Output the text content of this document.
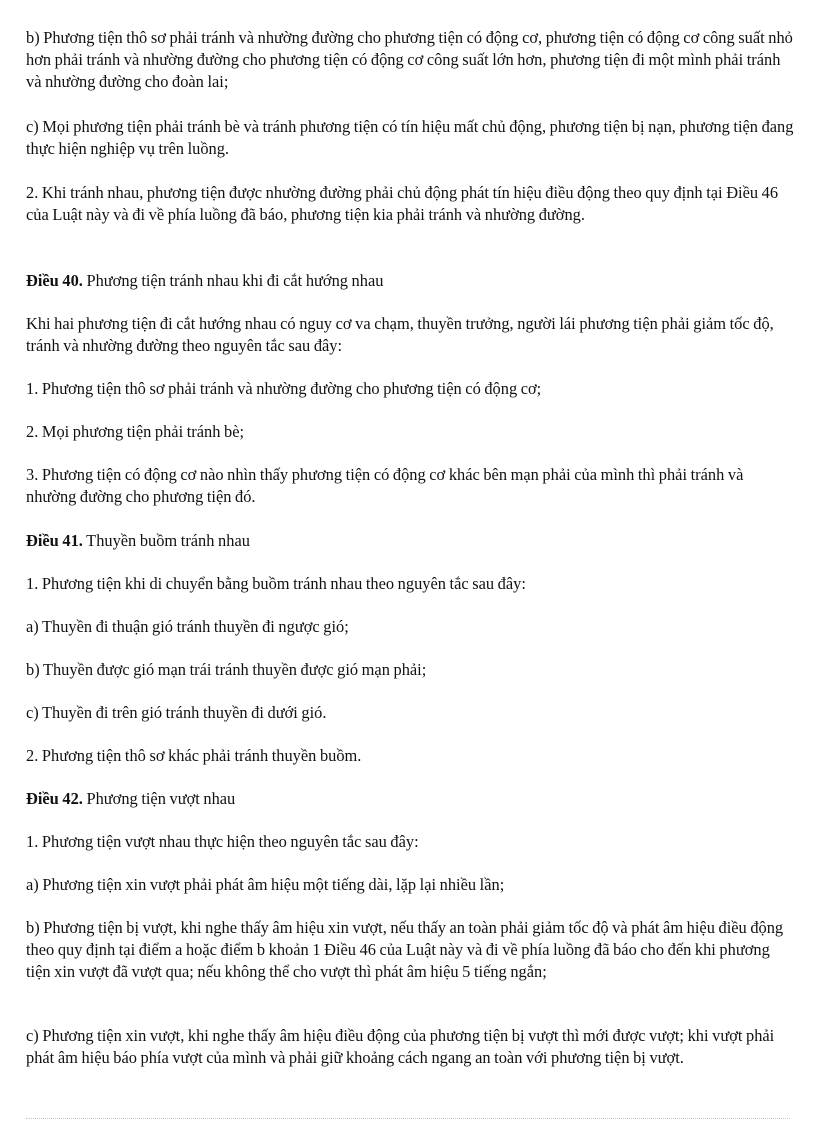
b) Phương tiện thô sơ phải tránh và nhường đường cho phương tiện có động cơ, phương tiện có động cơ công suất nhỏ hơn phải tránh và nhường đường cho phương tiện có động cơ công suất lớn hơn, phương tiện đi một mình phải tránh và nhường đường cho đoàn lai;

c) Mọi phương tiện phải tránh bè và tránh phương tiện có tín hiệu mất chủ động, phương tiện bị nạn, phương tiện đang thực hiện nghiệp vụ trên luồng.

2. Khi tránh nhau, phương tiện được nhường đường phải chủ động phát tín hiệu điều động theo quy định tại Điều 46 của Luật này và đi về phía luồng đã báo, phương tiện kia phải tránh và nhường đường.

Điều 40. Phương tiện tránh nhau khi đi cắt hướng nhau

Khi hai phương tiện đi cắt hướng nhau có nguy cơ va chạm, thuyền trưởng, người lái phương tiện phải giảm tốc độ, tránh và nhường đường theo nguyên tắc sau đây:

1. Phương tiện thô sơ phải tránh và nhường đường cho phương tiện có động cơ;

2. Mọi phương tiện phải tránh bè;

3. Phương tiện có động cơ nào nhìn thấy phương tiện có động cơ khác bên mạn phải của mình thì phải tránh và nhường đường cho phương tiện đó.

Điều 41. Thuyền buồm tránh nhau

1. Phương tiện khi di chuyển bằng buồm tránh nhau theo nguyên tắc sau đây:

a) Thuyền đi thuận gió tránh thuyền đi ngược gió;

b) Thuyền được gió mạn trái tránh thuyền được gió mạn phải;

c) Thuyền đi trên gió tránh thuyền đi dưới gió.

2. Phương tiện thô sơ khác phải tránh thuyền buồm.

Điều 42. Phương tiện vượt nhau

1. Phương tiện vượt nhau thực hiện theo nguyên tắc sau đây:

a) Phương tiện xin vượt phải phát âm hiệu một tiếng dài, lặp lại nhiều lần;

b) Phương tiện bị vượt, khi nghe thấy âm hiệu xin vượt, nếu thấy an toàn phải giảm tốc độ và phát âm hiệu điều động theo quy định tại điểm a hoặc điểm b khoản 1 Điều 46 của Luật này và đi về phía luồng đã báo cho đến khi phương tiện xin vượt đã vượt qua; nếu không thể cho vượt thì phát âm hiệu 5 tiếng ngắn;

c) Phương tiện xin vượt, khi nghe thấy âm hiệu điều động của phương tiện bị vượt thì mới được vượt; khi vượt phải phát âm hiệu báo phía vượt của mình và phải giữ khoảng cách ngang an toàn với phương tiện bị vượt.
